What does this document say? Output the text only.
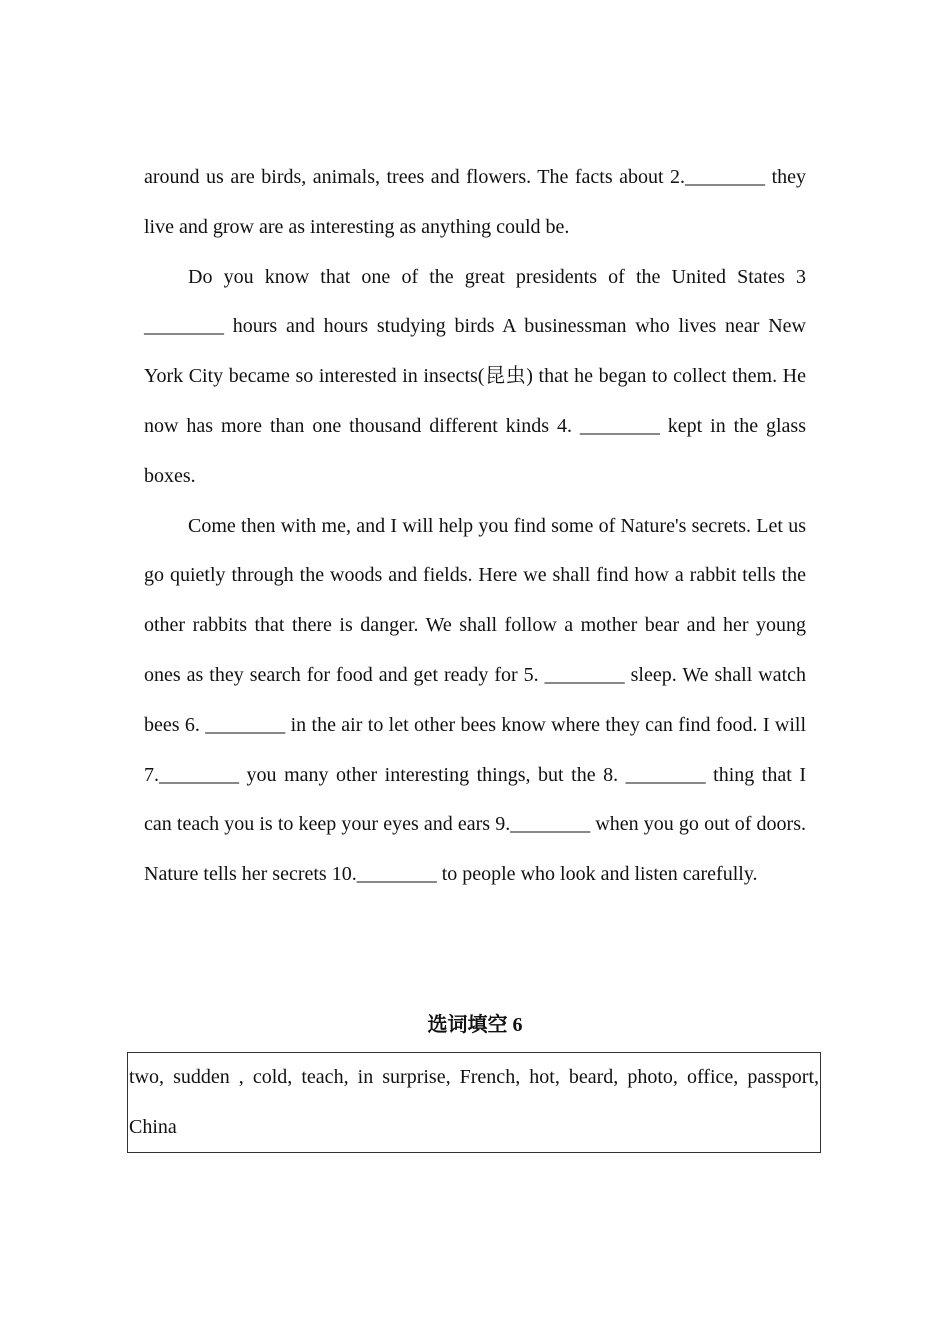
around us are birds, animals, trees and flowers. The facts about 2.________ they live and grow are as interesting as anything could be.

Do you know that one of the great presidents of the United States 3 ________ hours and hours studying birds A businessman who lives near New York City became so interested in insects(昆虫) that he began to collect them. He now has more than one thousand different kinds 4. ________ kept in the glass boxes.

Come then with me, and I will help you find some of Nature's secrets. Let us go quietly through the woods and fields. Here we shall find how a rabbit tells the other rabbits that there is danger. We shall follow a mother bear and her young ones as they search for food and get ready for 5. ________ sleep. We shall watch bees 6. ________ in the air to let other bees know where they can find food. I will 7.________ you many other interesting things, but the 8. ________ thing that I can teach you is to keep your eyes and ears 9.________ when you go out of doors. Nature tells her secrets 10.________ to people who look and listen carefully.

选词填空 6

two, sudden , cold, teach, in surprise, French, hot, beard, photo, office, passport, China
